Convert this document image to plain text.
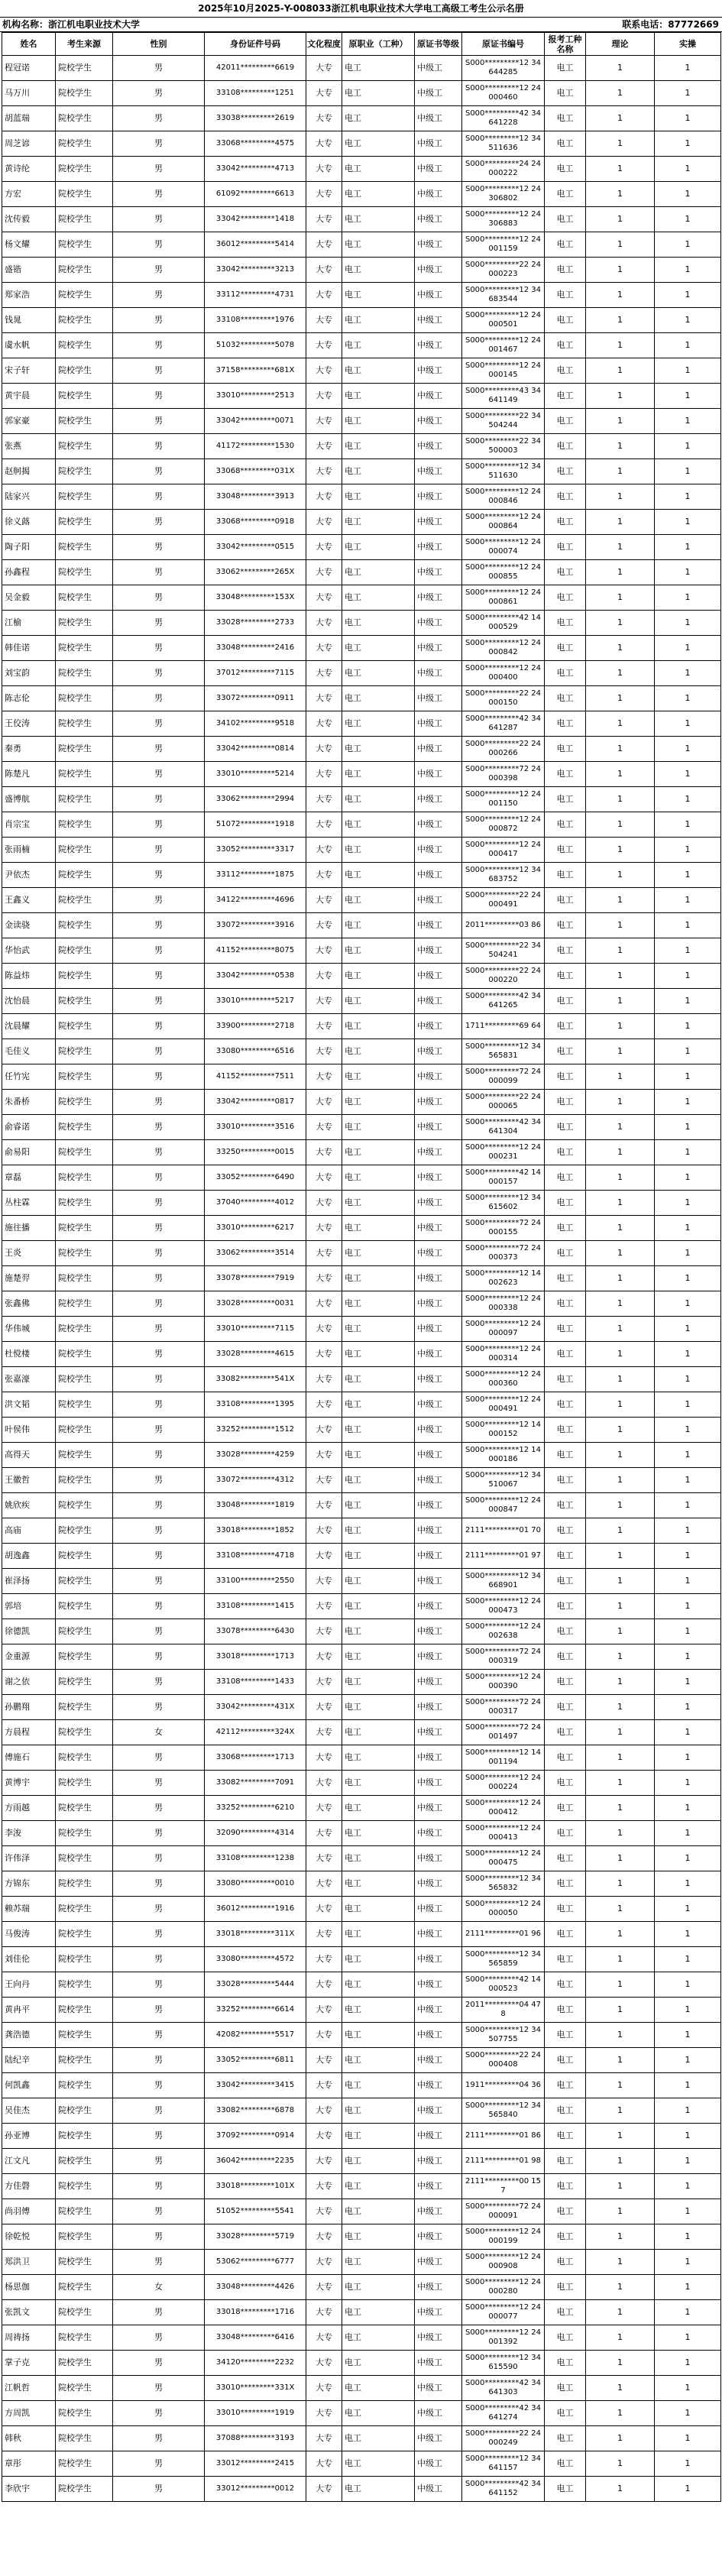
2025年10月2025-Y-008033浙江机电职业技术大学电工高级工考生公示名册
机构名称：浙江机电职业技术大学	联系电话：87772669
姓名	考生来源	性别	身份证件号码	文化程度	原职业（工种）	原证书等级	原证书编号	报考工种名称	理论	实操
程冠诺	院校学生	男	42011*********6619	大专	电工	中级工	S000*********12 34644285	电工	1	1
马万川	院校学生	男	33108*********1251	大专	电工	中级工	S000*********12 24000460	电工	1	1
胡蓝瑞	院校学生	男	33038*********2619	大专	电工	中级工	S000*********42 34641228	电工	1	1
周芝谚	院校学生	男	33068*********4575	大专	电工	中级工	S000*********12 34511636	电工	1	1
黄诗纶	院校学生	男	33042*********4713	大专	电工	中级工	S000*********24 24000222	电工	1	1
方宏	院校学生	男	61092*********6613	大专	电工	中级工	S000*********12 24306802	电工	1	1
沈传毅	院校学生	男	33042*********1418	大专	电工	中级工	S000*********12 24306883	电工	1	1
杨文耀	院校学生	男	36012*********5414	大专	电工	中级工	S000*********12 24001159	电工	1	1
盛锴	院校学生	男	33042*********3213	大专	电工	中级工	S000*********22 24000223	电工	1	1
郑家浩	院校学生	男	33112*********4731	大专	电工	中级工	S000*********12 34683544	电工	1	1
钱晁	院校学生	男	33108*********1976	大专	电工	中级工	S000*********12 24000501	电工	1	1
虞水帆	院校学生	男	51032*********5078	大专	电工	中级工	S000*********12 24001467	电工	1	1
宋子轩	院校学生	男	37158*********681X	大专	电工	中级工	S000*********12 24000145	电工	1	1
黄宇晨	院校学生	男	33010*********2513	大专	电工	中级工	S000*********43 34641149	电工	1	1
郭家豪	院校学生	男	33042*********0071	大专	电工	中级工	S000*********22 34504244	电工	1	1
张燕	院校学生	男	41172*********1530	大专	电工	中级工	S000*********22 34500003	电工	1	1
赵舸揭	院校学生	男	33068*********031X	大专	电工	中级工	S000*********12 34511630	电工	1	1
陆家兴	院校学生	男	33048*********3913	大专	电工	中级工	S000*********12 24000846	电工	1	1
徐义蕗	院校学生	男	33068*********0918	大专	电工	中级工	S000*********12 24000864	电工	1	1
陶子阳	院校学生	男	33042*********0515	大专	电工	中级工	S000*********12 24000074	电工	1	1
孙鑫程	院校学生	男	33062*********265X	大专	电工	中级工	S000*********12 24000855	电工	1	1
吴金毅	院校学生	男	33048*********153X	大专	电工	中级工	S000*********12 24000861	电工	1	1
江榆	院校学生	男	33028*********2733	大专	电工	中级工	S000*********42 14000529	电工	1	1
韩佳诺	院校学生	男	33048*********2416	大专	电工	中级工	S000*********12 24000842	电工	1	1
刘宝韵	院校学生	男	37012*********7115	大专	电工	中级工	S000*********12 24000400	电工	1	1
陈志伦	院校学生	男	33072*********0911	大专	电工	中级工	S000*********22 24000150	电工	1	1
王佼涛	院校学生	男	34102*********9518	大专	电工	中级工	S000*********42 34641287	电工	1	1
秦勇	院校学生	男	33042*********0814	大专	电工	中级工	S000*********22 24000266	电工	1	1
陈楚凡	院校学生	男	33010*********5214	大专	电工	中级工	S000*********72 24000398	电工	1	1
盛博航	院校学生	男	33062*********2994	大专	电工	中级工	S000*********12 24001150	电工	1	1
肖宗宝	院校学生	男	51072*********1918	大专	电工	中级工	S000*********12 24000872	电工	1	1
张雨楠	院校学生	男	33052*********3317	大专	电工	中级工	S000*********12 24000417	电工	1	1
尹依杰	院校学生	男	33112*********1875	大专	电工	中级工	S000*********12 34683752	电工	1	1
王鑫义	院校学生	男	34122*********4696	大专	电工	中级工	S000*********22 24000491	电工	1	1
金读骁	院校学生	男	33072*********3916	大专	电工	中级工	2011*********03 86	电工	1	1
华怡武	院校学生	男	41152*********8075	大专	电工	中级工	S000*********22 34504241	电工	1	1
陈益炜	院校学生	男	33042*********0538	大专	电工	中级工	S000*********22 24000220	电工	1	1
沈怡晨	院校学生	男	33010*********5217	大专	电工	中级工	S000*********42 34641265	电工	1	1
沈晨耀	院校学生	男	33900*********2718	大专	电工	中级工	1711*********69 64	电工	1	1
毛佳义	院校学生	男	33080*********6516	大专	电工	中级工	S000*********12 34565831	电工	1	1
任竹宪	院校学生	男	41152*********7511	大专	电工	中级工	S000*********72 24000099	电工	1	1
朱番桥	院校学生	男	33042*********0817	大专	电工	中级工	S000*********22 24000065	电工	1	1
俞睿诺	院校学生	男	33010*********3516	大专	电工	中级工	S000*********42 34641304	电工	1	1
俞易阳	院校学生	男	33250*********0015	大专	电工	中级工	S000*********12 24000231	电工	1	1
章磊	院校学生	男	33052*********6490	大专	电工	中级工	S000*********42 14000157	电工	1	1
丛柱霖	院校学生	男	37040*********4012	大专	电工	中级工	S000*********12 34615602	电工	1	1
施往播	院校学生	男	33010*********6217	大专	电工	中级工	S000*********72 24000155	电工	1	1
王炎	院校学生	男	33062*********3514	大专	电工	中级工	S000*********72 24000373	电工	1	1
施楚羿	院校学生	男	33078*********7919	大专	电工	中级工	S000*********12 14002623	电工	1	1
张鑫佛	院校学生	男	33028*********0031	大专	电工	中级工	S000*********12 24000338	电工	1	1
华伟城	院校学生	男	33010*********7115	大专	电工	中级工	S000*********12 24000097	电工	1	1
杜傥楼	院校学生	男	33028*********4615	大专	电工	中级工	S000*********12 24000314	电工	1	1
张嘉濠	院校学生	男	33082*********541X	大专	电工	中级工	S000*********12 24000360	电工	1	1
洪文韬	院校学生	男	33108*********1395	大专	电工	中级工	S000*********12 24000491	电工	1	1
叶侯伟	院校学生	男	33252*********1512	大专	电工	中级工	S000*********12 14000152	电工	1	1
高得天	院校学生	男	33028*********4259	大专	电工	中级工	S000*********12 14000186	电工	1	1
王徽哲	院校学生	男	33072*********4312	大专	电工	中级工	S000*********12 34510067	电工	1	1
姚欣疾	院校学生	男	33048*********1819	大专	电工	中级工	S000*********12 24000847	电工	1	1
高庙	院校学生	男	33018*********1852	大专	电工	中级工	2111*********01 70	电工	1	1
胡逸鑫	院校学生	男	33108*********4718	大专	电工	中级工	2111*********01 97	电工	1	1
崔泽扬	院校学生	男	33100*********2550	大专	电工	中级工	S000*********12 34668901	电工	1	1
郭培	院校学生	男	33108*********1415	大专	电工	中级工	S000*********12 24000473	电工	1	1
徐德凯	院校学生	男	33078*********6430	大专	电工	中级工	S000*********12 24002638	电工	1	1
金重源	院校学生	男	33018*********1713	大专	电工	中级工	S000*********72 24000319	电工	1	1
谢之依	院校学生	男	33108*********1433	大专	电工	中级工	S000*********12 24000390	电工	1	1
孙鹏翔	院校学生	男	33042*********431X	大专	电工	中级工	S000*********72 24000317	电工	1	1
方晨程	院校学生	女	42112*********324X	大专	电工	中级工	S000*********72 24001497	电工	1	1
傅施石	院校学生	男	33068*********1713	大专	电工	中级工	S000*********12 14001194	电工	1	1
黄博宇	院校学生	男	33082*********7091	大专	电工	中级工	S000*********12 24000224	电工	1	1
方雨越	院校学生	男	33252*********6210	大专	电工	中级工	S000*********12 24000412	电工	1	1
李浚	院校学生	男	32090*********4314	大专	电工	中级工	S000*********12 24000413	电工	1	1
许伟泽	院校学生	男	33108*********1238	大专	电工	中级工	S000*********12 24000475	电工	1	1
方锦东	院校学生	男	33080*********0010	大专	电工	中级工	S000*********12 34565832	电工	1	1
赖苏瑞	院校学生	男	36012*********1916	大专	电工	中级工	S000*********12 24000050	电工	1	1
马俊涛	院校学生	男	33018*********311X	大专	电工	中级工	2111*********01 96	电工	1	1
刘佳伦	院校学生	男	33080*********4572	大专	电工	中级工	S000*********12 34565859	电工	1	1
王向丹	院校学生	男	33028*********5444	大专	电工	中级工	S000*********42 14000523	电工	1	1
黄冉平	院校学生	男	33252*********6614	大专	电工	中级工	2011*********04 478	电工	1	1
龚浩德	院校学生	男	42082*********5517	大专	电工	中级工	S000*********12 34507755	电工	1	1
陆纪辛	院校学生	男	33052*********6811	大专	电工	中级工	S000*********22 24000408	电工	1	1
何凯鑫	院校学生	男	33042*********3415	大专	电工	中级工	1911*********04 36	电工	1	1
吴佳杰	院校学生	男	33082*********6878	大专	电工	中级工	S000*********12 34565840	电工	1	1
孙亚博	院校学生	男	37092*********0914	大专	电工	中级工	2111*********01 86	电工	1	1
江文凡	院校学生	男	36042*********2235	大专	电工	中级工	2111*********01 98	电工	1	1
方佳磬	院校学生	男	33018*********101X	大专	电工	中级工	2111*********00 157	电工	1	1
尚羽傅	院校学生	男	51052*********5541	大专	电工	中级工	S000*********72 24000091	电工	1	1
徐乾悦	院校学生	男	33028*********5719	大专	电工	中级工	S000*********12 24000199	电工	1	1
郑洪卫	院校学生	男	53062*********6777	大专	电工	中级工	S000*********12 24000908	电工	1	1
杨思伽	院校学生	女	33048*********4426	大专	电工	中级工	S000*********12 24000280	电工	1	1
张凯文	院校学生	男	33018*********1716	大专	电工	中级工	S000*********12 24000077	电工	1	1
周祷扬	院校学生	男	33048*********6416	大专	电工	中级工	S000*********12 24001392	电工	1	1
掌子克	院校学生	男	34120*********2232	大专	电工	中级工	S000*********12 34615590	电工	1	1
江帆哲	院校学生	男	33010*********331X	大专	电工	中级工	S000*********42 34641303	电工	1	1
方周凯	院校学生	男	33010*********1919	大专	电工	中级工	S000*********42 34641274	电工	1	1
韩秋	院校学生	男	37088*********3193	大专	电工	中级工	S000*********22 24000249	电工	1	1
章彤	院校学生	男	33012*********2415	大专	电工	中级工	S000*********12 34641157	电工	1	1
李欣宇	院校学生	男	33012*********0012	大专	电工	中级工	S000*********42 34641152	电工	1	1
